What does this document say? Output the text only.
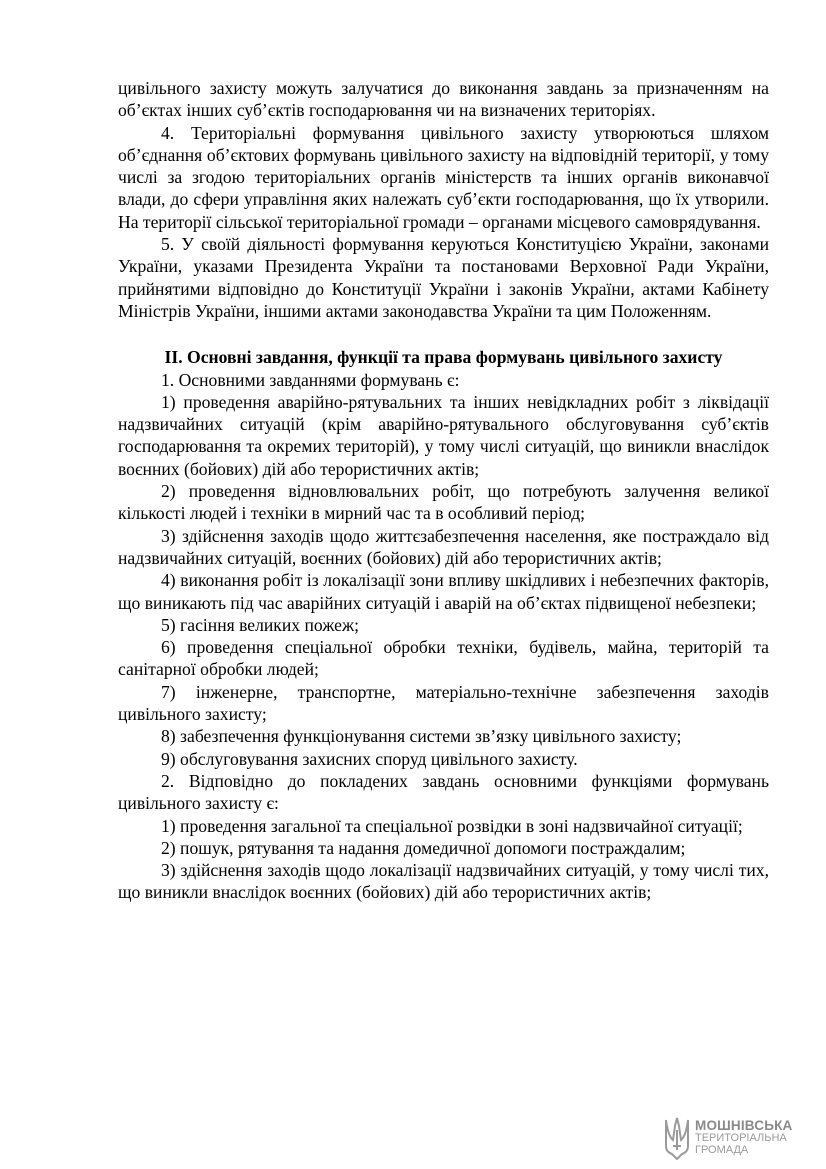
цивільного захисту можуть залучатися до виконання завдань за призначенням на об’єктах інших суб’єктів господарювання чи на визначених територіях.

4. Територіальні формування цивільного захисту утворюються шляхом об’єднання об’єктових формувань цивільного захисту на відповідній території, у тому числі за згодою територіальних органів міністерств та інших органів виконавчої влади, до сфери управління яких належать суб’єкти господарювання, що їх утворили. На території сільської територіальної громади – органами місцевого самоврядування.

5. У своїй діяльності формування керуються Конституцією України, законами України, указами Президента України та постановами Верховної Ради України, прийнятими відповідно до Конституції України і законів України, актами Кабінету Міністрів України, іншими актами законодавства України та цим Положенням.

ІІ. Основні завдання, функції та права формувань цивільного захисту

1. Основними завданнями формувань є:

1) проведення аварійно-рятувальних та інших невідкладних робіт з ліквідації надзвичайних ситуацій (крім аварійно-рятувального обслуговування суб’єктів господарювання та окремих територій), у тому числі ситуацій, що виникли внаслідок воєнних (бойових) дій або терористичних актів;

2) проведення відновлювальних робіт, що потребують залучення великої кількості людей і техніки в мирний час та в особливий період;

3) здійснення заходів щодо життєзабезпечення населення, яке постраждало від надзвичайних ситуацій, воєнних (бойових) дій або терористичних актів;

4) виконання робіт із локалізації зони впливу шкідливих і небезпечних факторів, що виникають під час аварійних ситуацій і аварій на об’єктах підвищеної небезпеки;

5) гасіння великих пожеж;

6) проведення спеціальної обробки техніки, будівель, майна, територій та санітарної обробки людей;

7) інженерне, транспортне, матеріально-технічне забезпечення заходів цивільного захисту;

8) забезпечення функціонування системи зв’язку цивільного захисту;

9) обслуговування захисних споруд цивільного захисту.

2. Відповідно до покладених завдань основними функціями формувань цивільного захисту є:

1) проведення загальної та спеціальної розвідки в зоні надзвичайної ситуації;

2) пошук, рятування та надання домедичної допомоги постраждалим;

3) здійснення заходів щодо локалізації надзвичайних ситуацій, у тому числі тих, що виникли внаслідок воєнних (бойових) дій або терористичних актів;

МОШНІВСЬКА
ТЕРИТОРІАЛЬНА
ГРОМАДА
